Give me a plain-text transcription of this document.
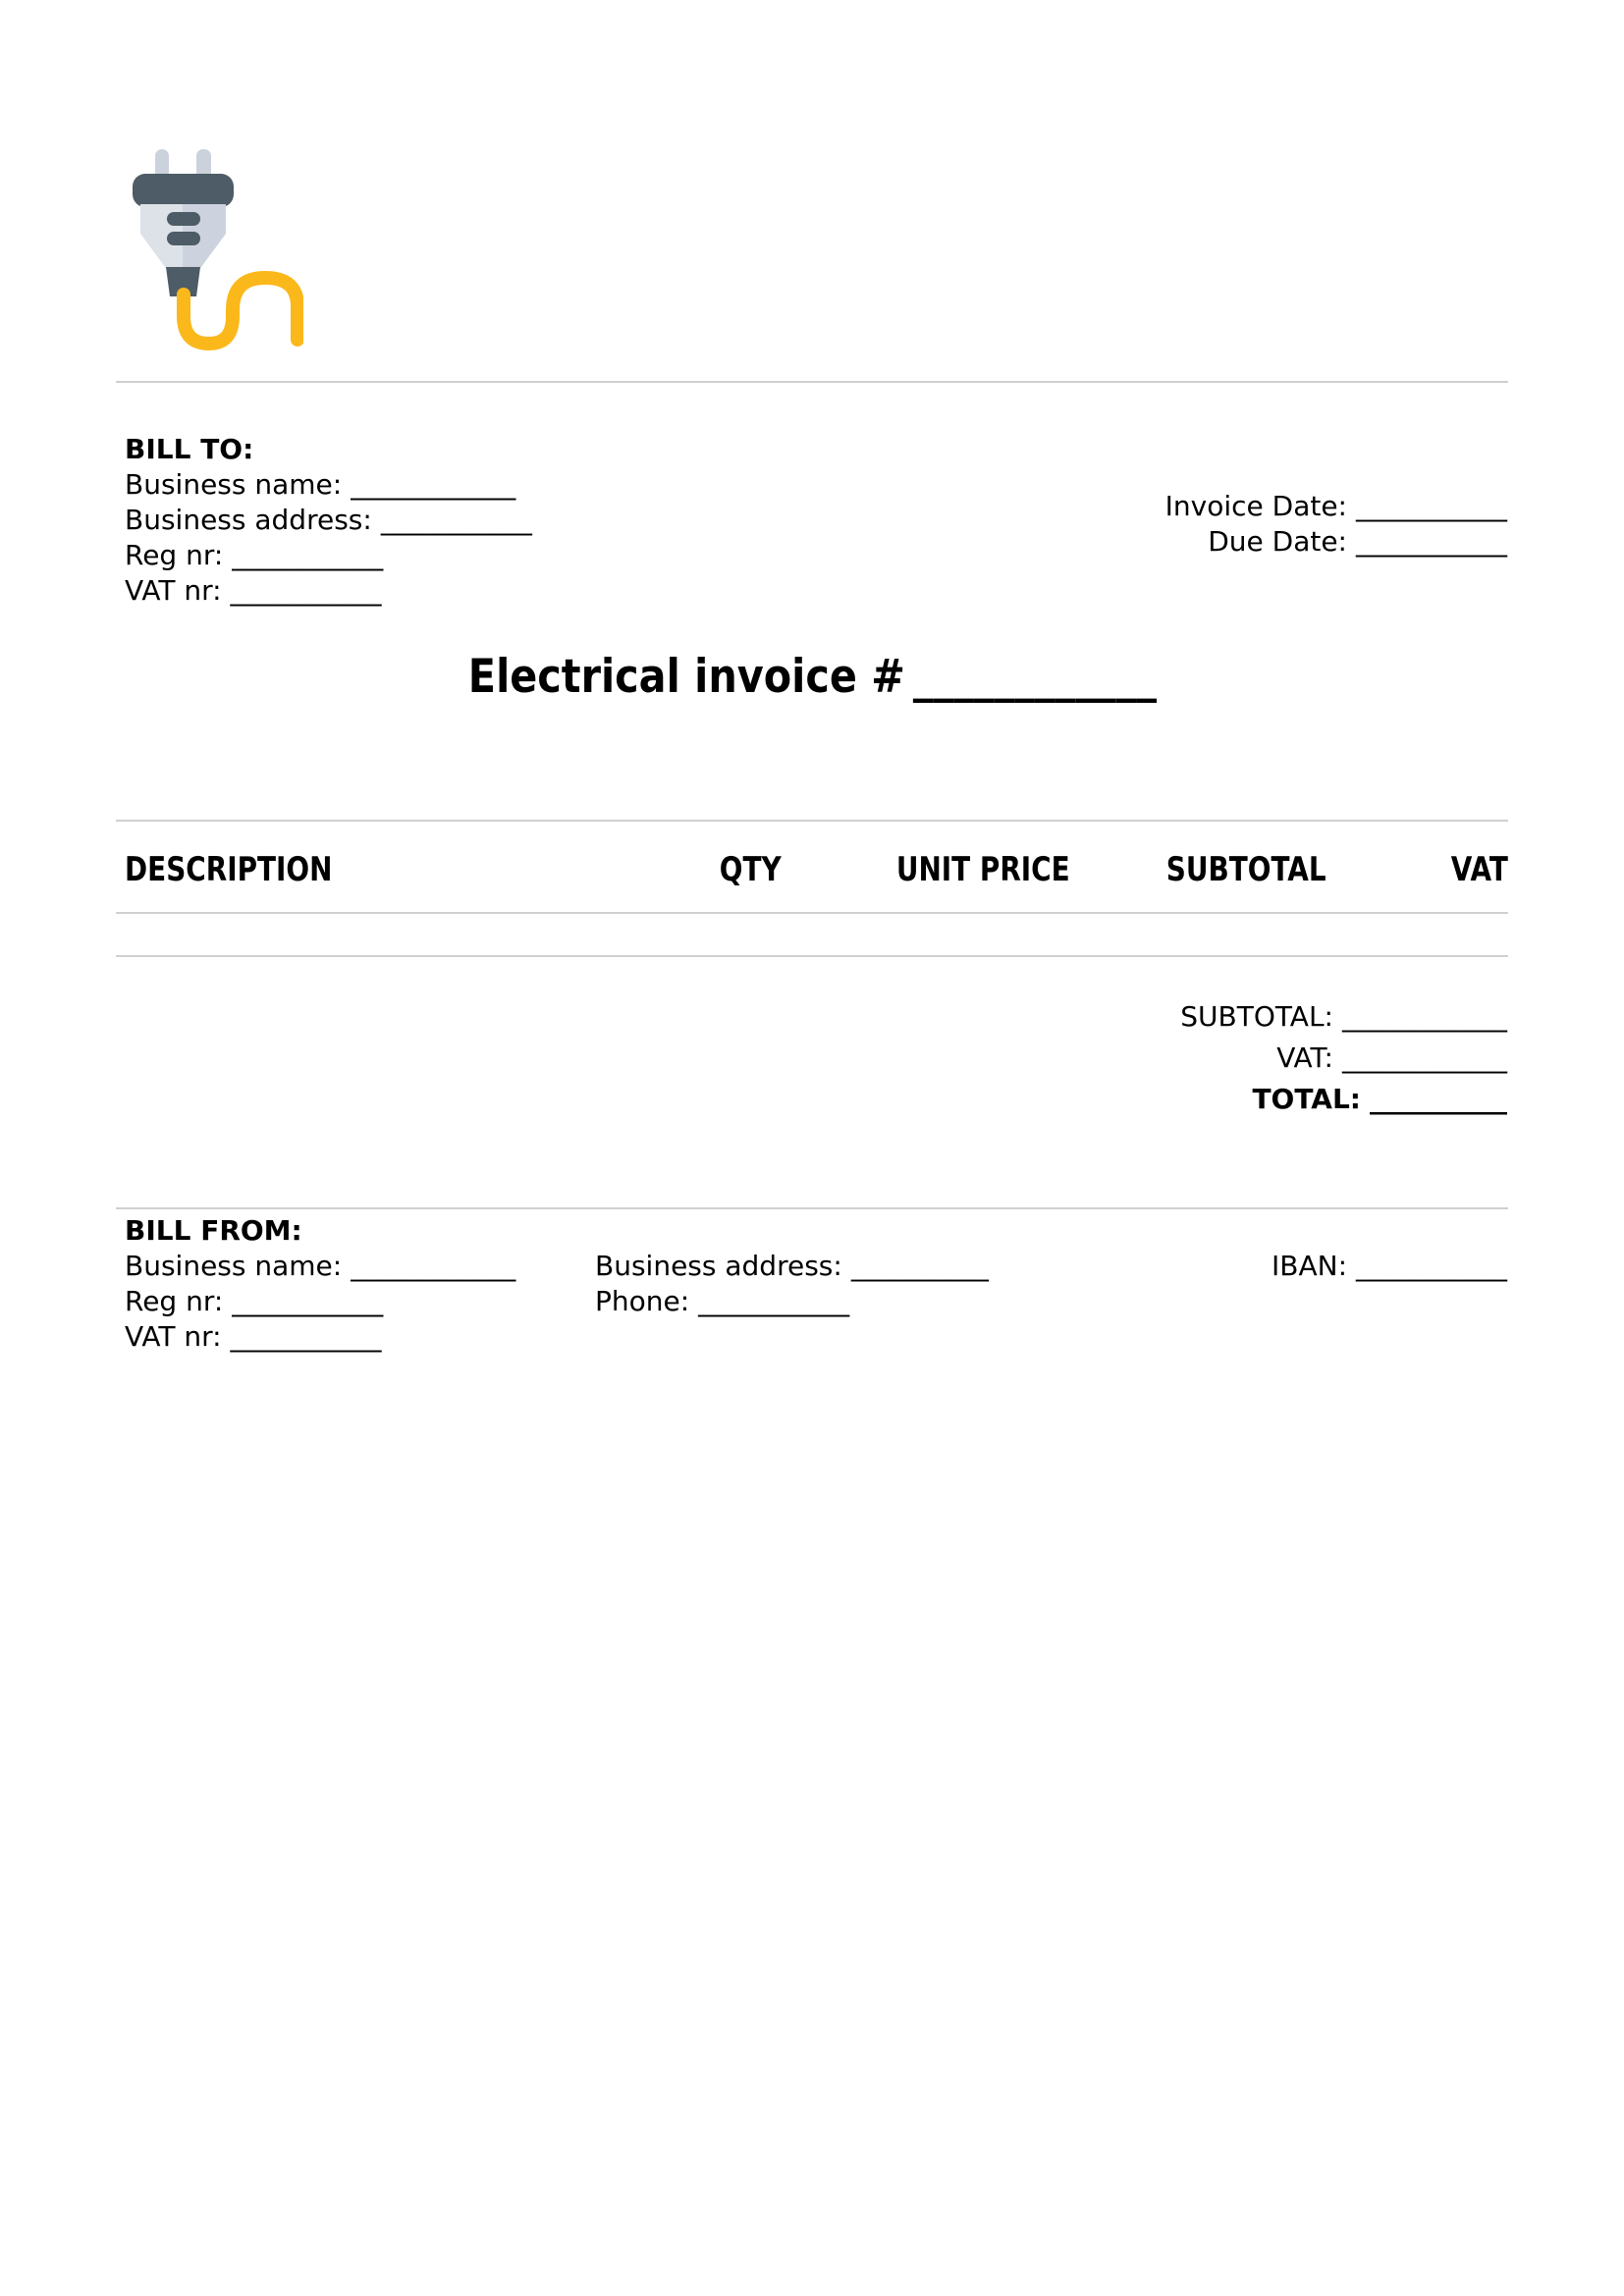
BILL TO:
Business name: ____________
Business address: ___________
Reg nr: ___________
VAT nr: ___________
Invoice Date: ___________
Due Date: ___________
Electrical invoice # ____________
DESCRIPTION	QTY	UNIT PRICE	SUBTOTAL	VAT
SUBTOTAL: ____________
VAT: ____________
TOTAL: __________
BILL FROM:
Business name: ____________
Reg nr: ___________
VAT nr: ___________
Business address: __________
Phone: ___________
IBAN: ___________
